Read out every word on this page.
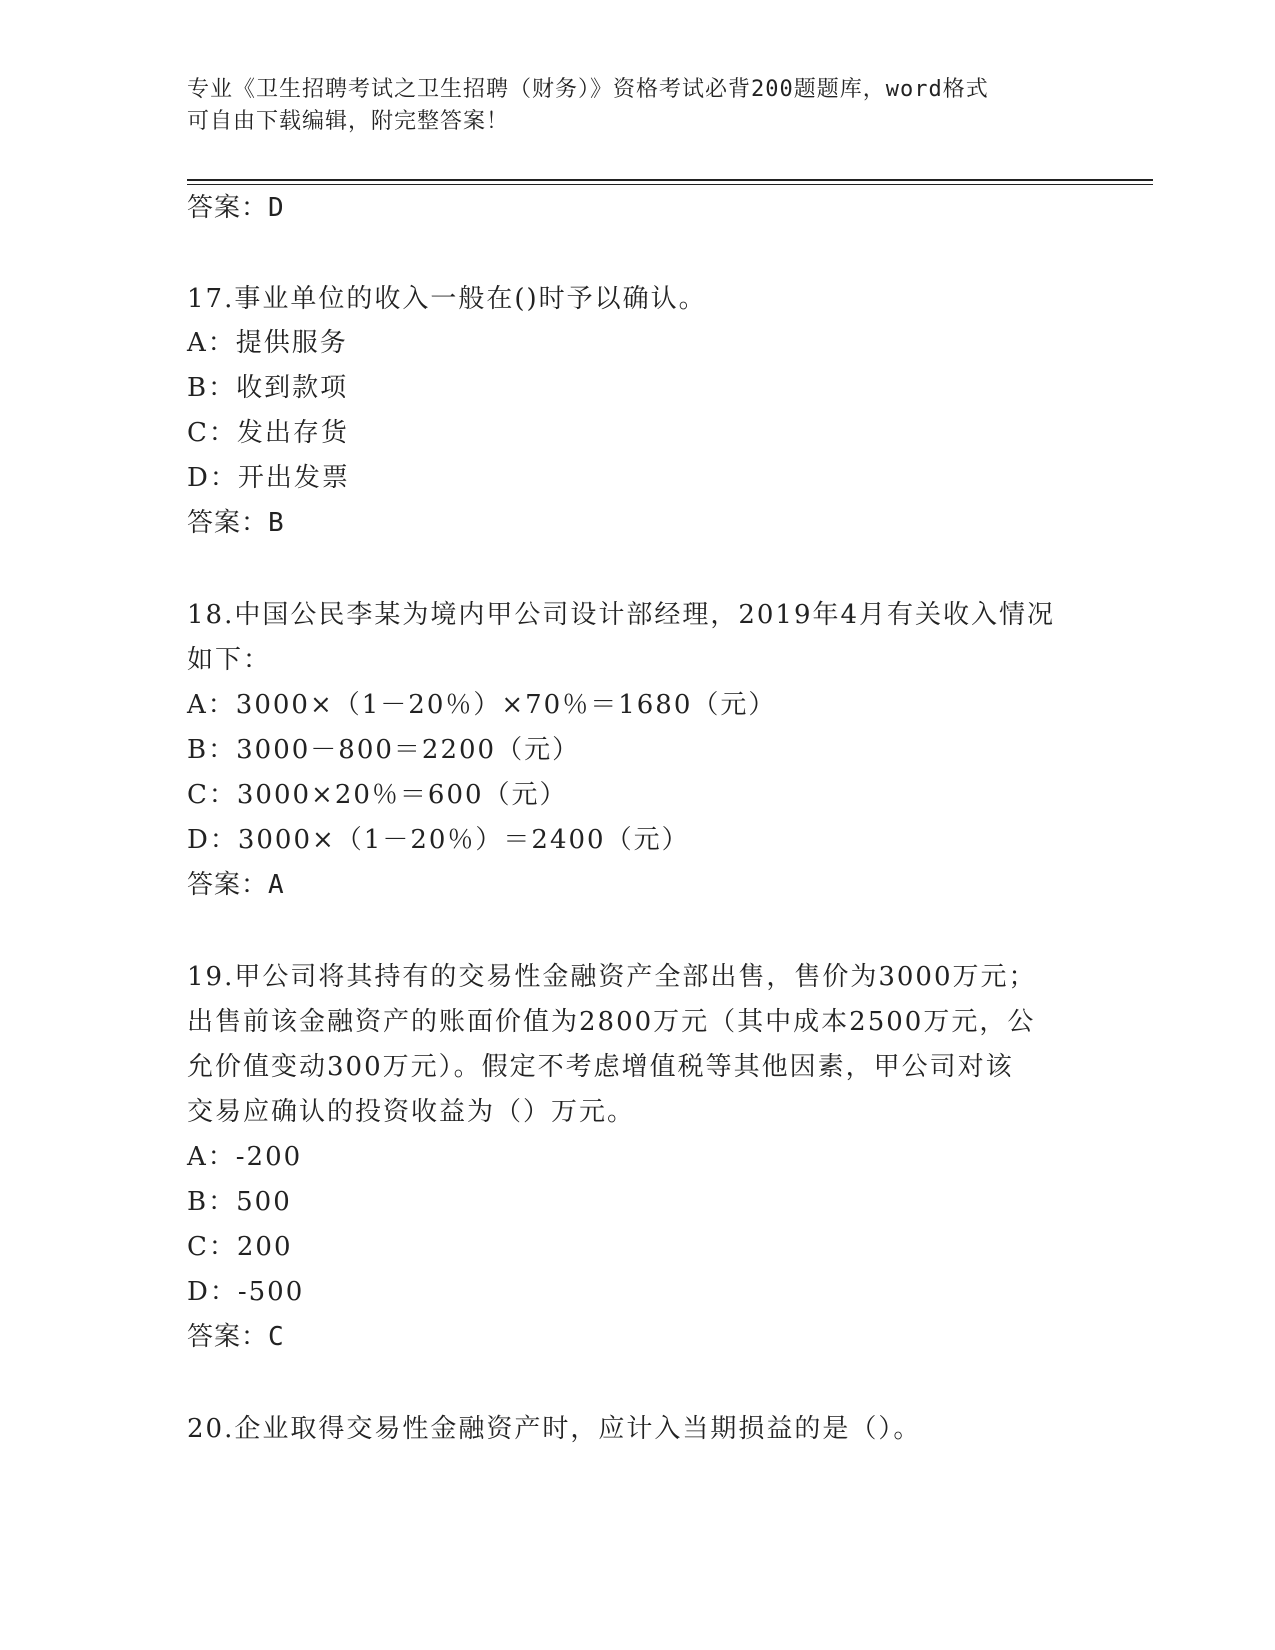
专业《卫生招聘考试之卫生招聘（财务）》资格考试必背200题题库，word格式
可自由下载编辑，附完整答案！
答案：D
17.事业单位的收入一般在()时予以确认。
A：提供服务
B：收到款项
C：发出存货
D：开出发票
答案：B
18.中国公民李某为境内甲公司设计部经理，2019年4月有关收入情况
如下：
A：3000×（1－20％）×70％＝1680（元）
B：3000－800＝2200（元）
C：3000×20％＝600（元）
D：3000×（1－20％）＝2400（元）
答案：A
19.甲公司将其持有的交易性金融资产全部出售，售价为3000万元；
出售前该金融资产的账面价值为2800万元（其中成本2500万元，公
允价值变动300万元）。假定不考虑增值税等其他因素，甲公司对该
交易应确认的投资收益为（）万元。
A：-200
B：500
C：200
D：-500
答案：C
20.企业取得交易性金融资产时，应计入当期损益的是（）。
